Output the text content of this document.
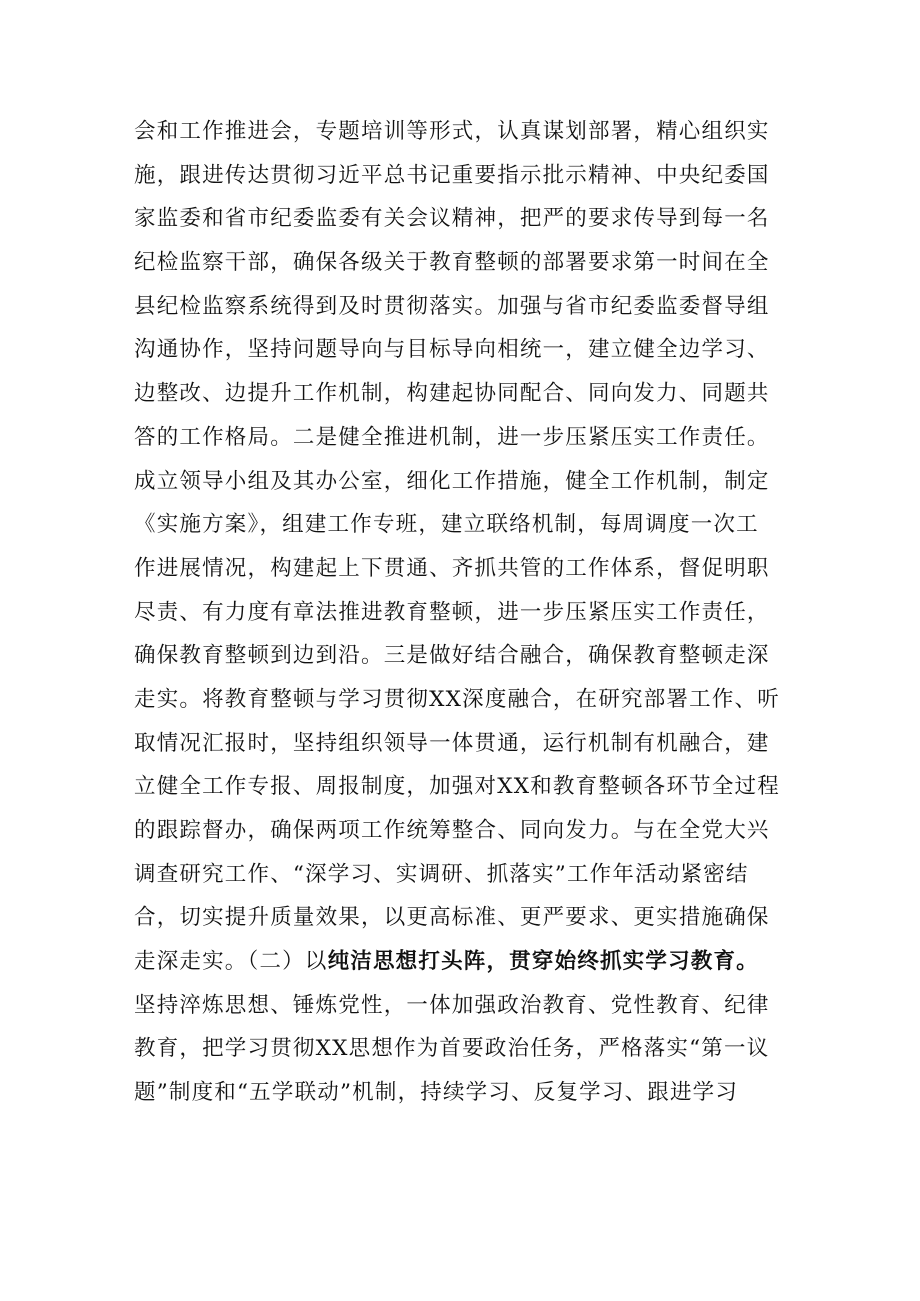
会和工作推进会，专题培训等形式，认真谋划部署，精心组织实
施，跟进传达贯彻习近平总书记重要指示批示精神、中央纪委国
家监委和省市纪委监委有关会议精神，把严的要求传导到每一名
纪检监察干部，确保各级关于教育整顿的部署要求第一时间在全
县纪检监察系统得到及时贯彻落实。加强与省市纪委监委督导组
沟通协作，坚持问题导向与目标导向相统一，建立健全边学习、
边整改、边提升工作机制，构建起协同配合、同向发力、同题共
答的工作格局。二是健全推进机制，进一步压紧压实工作责任。
成立领导小组及其办公室，细化工作措施，健全工作机制，制定
《实施方案》，组建工作专班，建立联络机制，每周调度一次工
作进展情况，构建起上下贯通、齐抓共管的工作体系，督促明职
尽责、有力度有章法推进教育整顿，进一步压紧压实工作责任，
确保教育整顿到边到沿。三是做好结合融合，确保教育整顿走深
走实。将教育整顿与学习贯彻XX深度融合，在研究部署工作、听
取情况汇报时，坚持组织领导一体贯通，运行机制有机融合，建
立健全工作专报、周报制度，加强对XX和教育整顿各环节全过程
的跟踪督办，确保两项工作统筹整合、同向发力。与在全党大兴
调查研究工作、“深学习、实调研、抓落实”工作年活动紧密结
合，切实提升质量效果，以更高标准、更严要求、更实措施确保
走深走实。（二）以纯洁思想打头阵，贯穿始终抓实学习教育。
坚持淬炼思想、锤炼党性，一体加强政治教育、党性教育、纪律
教育，把学习贯彻XX思想作为首要政治任务，严格落实“第一议
题”制度和“五学联动”机制，持续学习、反复学习、跟进学习
